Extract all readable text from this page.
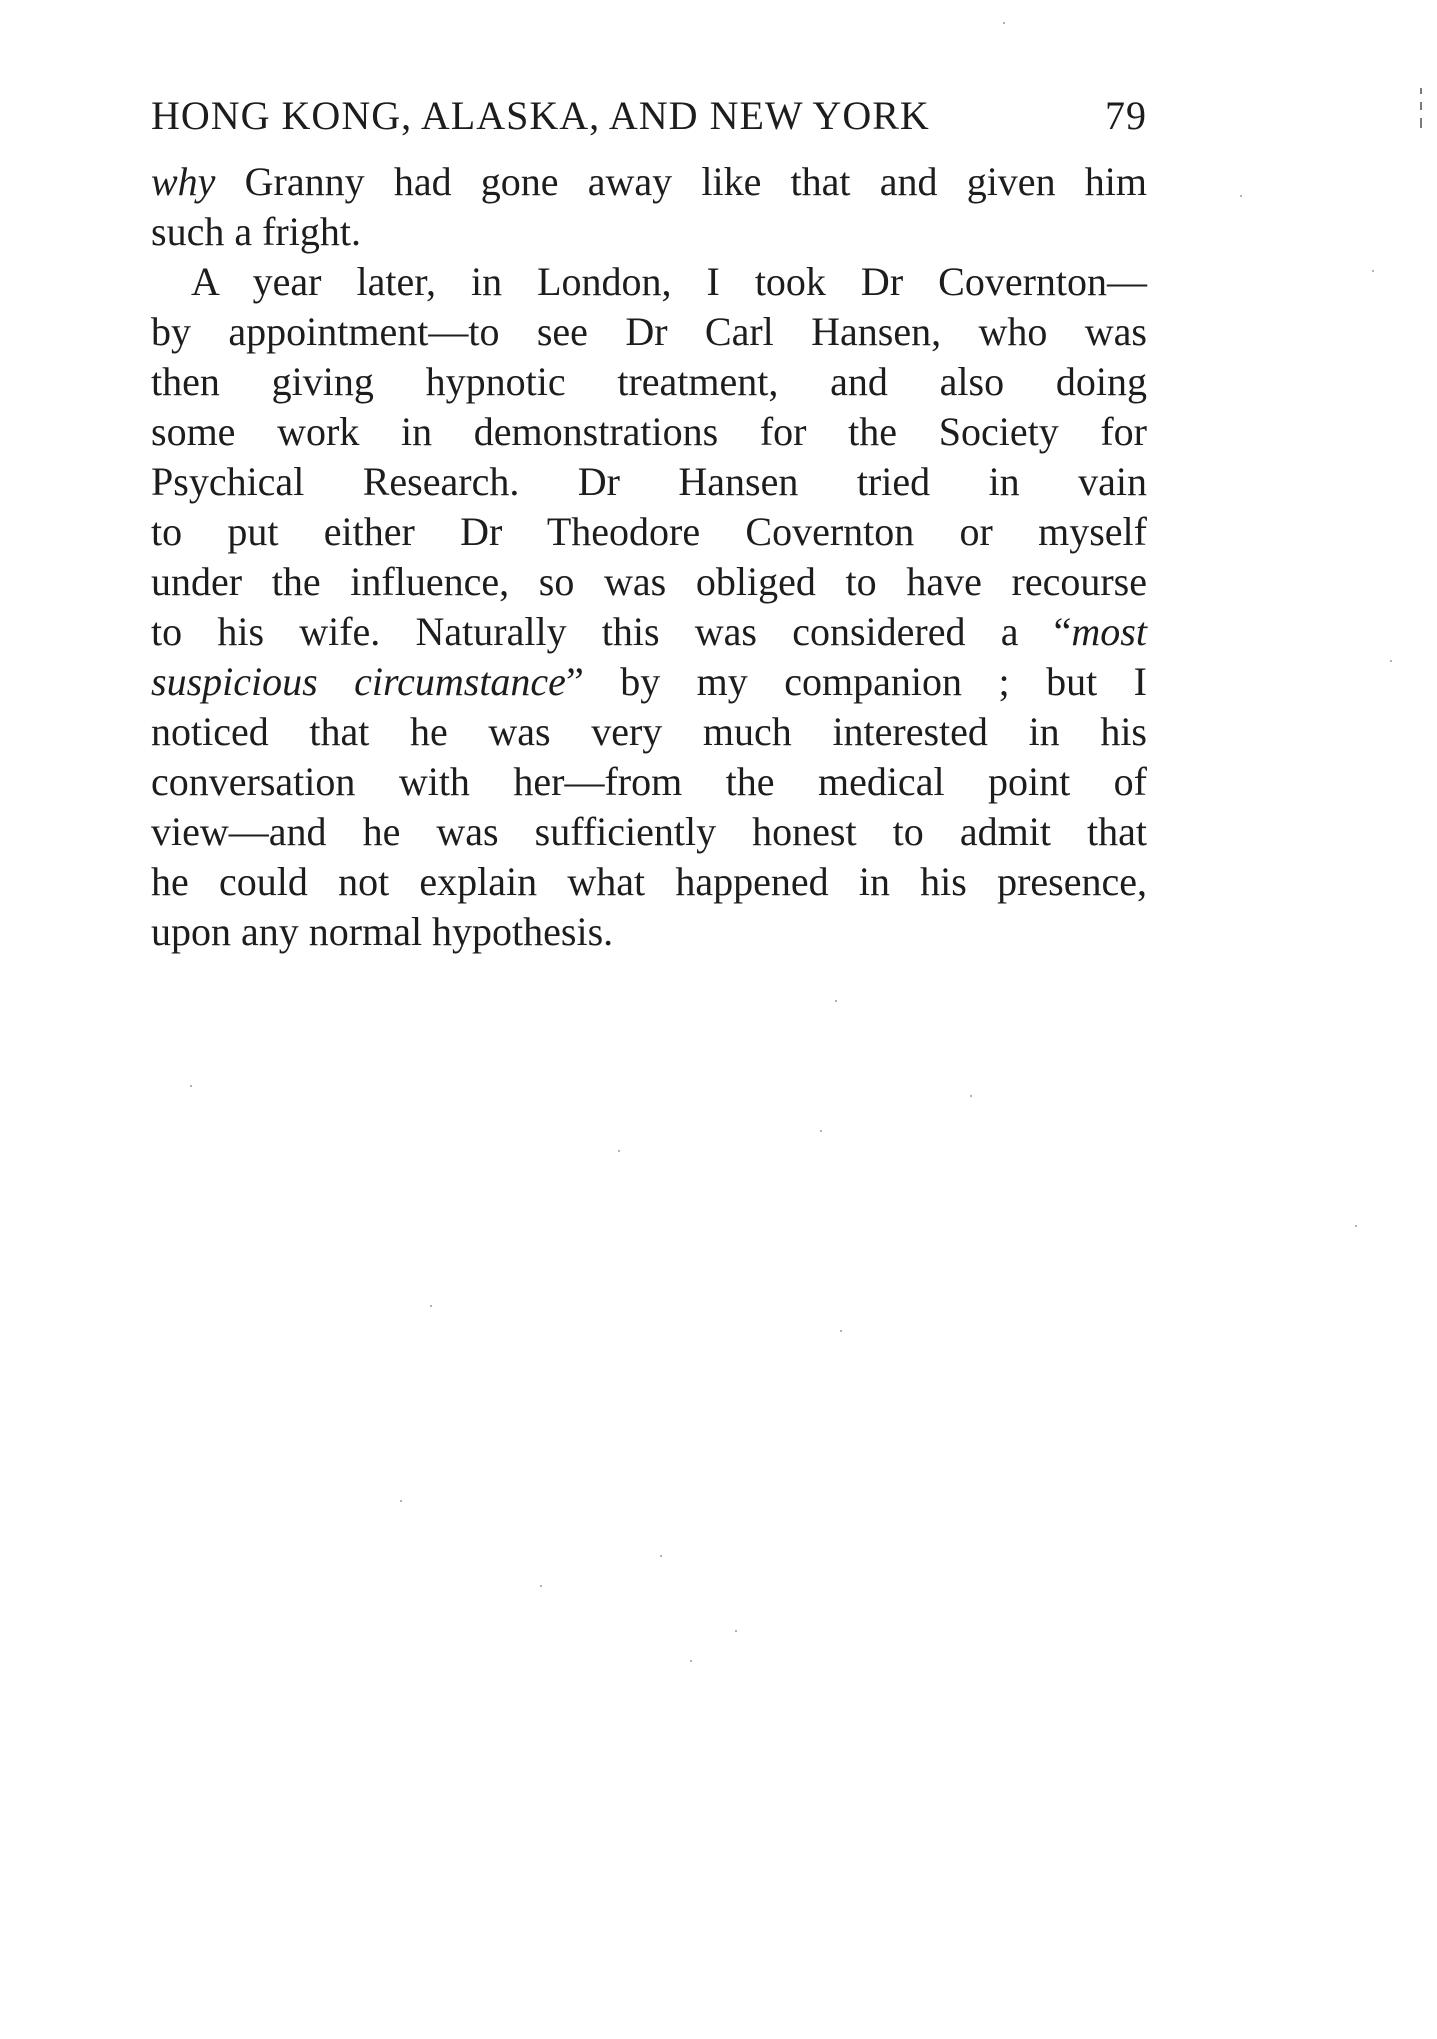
HONG KONG, ALASKA, AND NEW YORK	79
why Granny had gone away like that and given him
such a fright.
A year later, in London, I took Dr Covernton—
by appointment—to see Dr Carl Hansen, who was
then giving hypnotic treatment, and also doing
some work in demonstrations for the Society for
Psychical Research. Dr Hansen tried in vain
to put either Dr Theodore Covernton or myself
under the influence, so was obliged to have recourse
to his wife. Naturally this was considered a “most
suspicious circumstance” by my companion ; but I
noticed that he was very much interested in his
conversation with her—from the medical point of
view—and he was sufficiently honest to admit that
he could not explain what happened in his presence,
upon any normal hypothesis.
